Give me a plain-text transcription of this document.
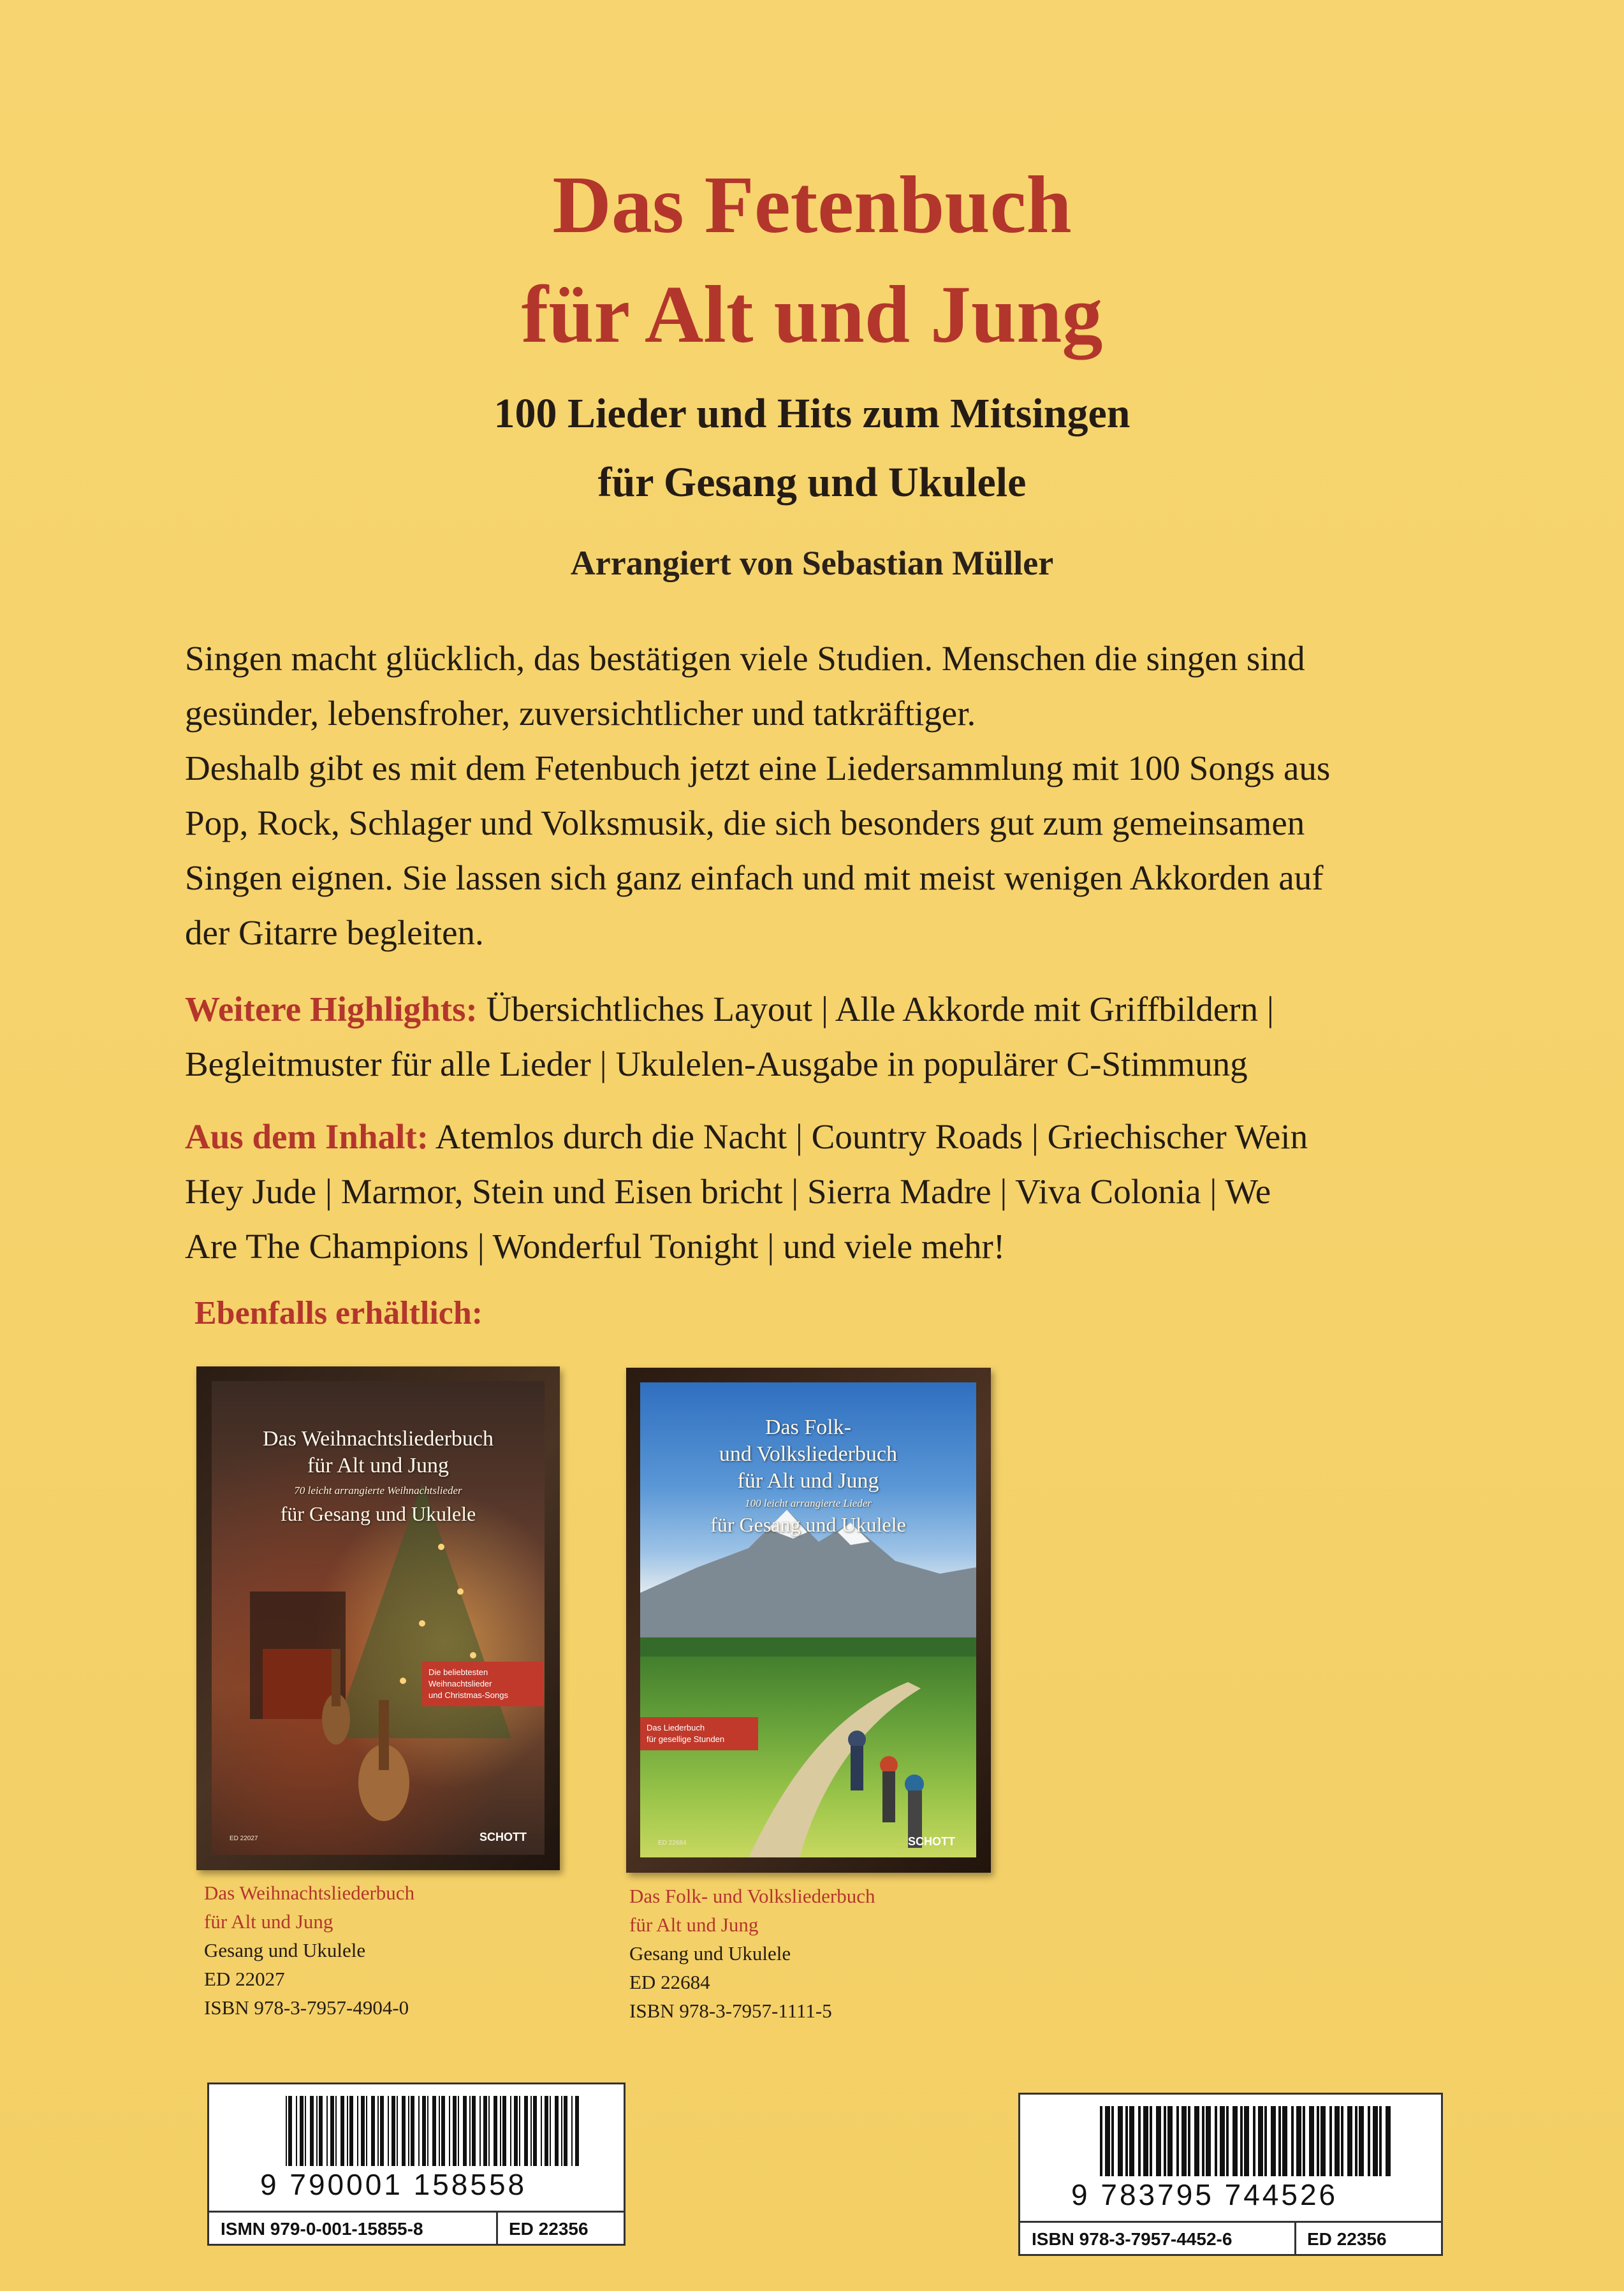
Das Fetenbuch
für Alt und Jung
100 Lieder und Hits zum Mitsingen
für Gesang und Ukulele
Arrangiert von Sebastian Müller
Singen macht glücklich, das bestätigen viele Studien. Menschen die singen sind
gesünder, lebensfroher, zuversichtlicher und tatkräftiger.
Deshalb gibt es mit dem Fetenbuch jetzt eine Liedersammlung mit 100 Songs aus
Pop, Rock, Schlager und Volksmusik, die sich besonders gut zum gemeinsamen
Singen eignen. Sie lassen sich ganz einfach und mit meist wenigen Akkorden auf
der Gitarre begleiten.
Weitere Highlights: Übersichtliches Layout | Alle Akkorde mit Griffbildern |
Begleitmuster für alle Lieder | Ukulelen-Ausgabe in populärer C-Stimmung
Aus dem Inhalt: Atemlos durch die Nacht | Country Roads | Griechischer Wein
Hey Jude | Marmor, Stein und Eisen bricht | Sierra Madre | Viva Colonia | We
Are The Champions | Wonderful Tonight | und viele mehr!
Ebenfalls erhältlich:
Das Weihnachtsliederbuch
für Alt und Jung
70 leicht arrangierte Weihnachtslieder
für Gesang und Ukulele
Die beliebtesten
Weihnachtslieder
und Christmas-Songs
ED 22027	SCHOTT
Das Weihnachtsliederbuch
für Alt und Jung
Gesang und Ukulele
ED 22027
ISBN 978-3-7957-4904-0
Das Folk-
und Volksliederbuch
für Alt und Jung
100 leicht arrangierte Lieder
für Gesang und Ukulele
Das Liederbuch
für gesellige Stunden
ED 22684	SCHOTT
Das Folk- und Volksliederbuch
für Alt und Jung
Gesang und Ukulele
ED 22684
ISBN 978-3-7957-1111-5
9 790001 158558
ISMN 979-0-001-15855-8	ED 22356
9 783795 744526
ISBN 978-3-7957-4452-6	ED 22356
